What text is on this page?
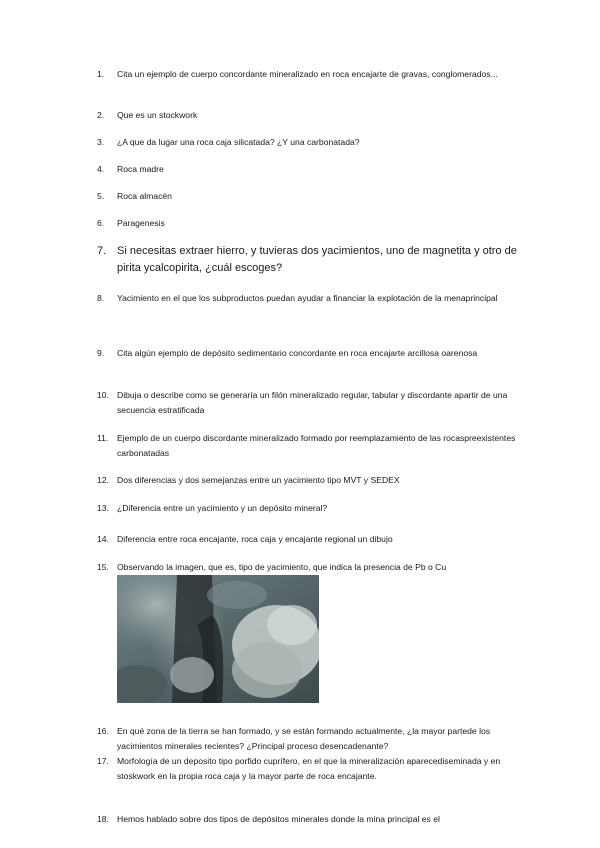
1.	Cita un ejemplo de cuerpo concordante mineralizado en roca encajarte de gravas, conglomerados...
2.	Que es un stockwork
3.	¿A que da lugar una roca caja silicatada? ¿Y una carbonatada?
4.	Roca madre
5.	Roca almacén
6.	Paragenesis
7. Si necesitas extraer hierro, y tuvieras dos yacimientos, uno de magnetita y otro de pirita ycalcopirita, ¿cuál escoges?
8.	Yacimiento en el que los subproductos puedan ayudar a financiar la explotación de la menaprincipal
9.	Cita algún ejemplo de depósito sedimentario concordante en roca encajarte arcillosa oarenosa
10. Dibuja o describe como se generaría un filón mineralizado regular, tabular y discordante apartir de una secuencia estratificada
11.	Ejemplo de un cuerpo discordante mineralizado formado por reemplazamiento de las rocaspreexistentes carbonatadas
12. Dos diferencias y dos semejanzas entre un yacimiento tipo MVT y SEDEX
13. ¿Diferencia entre un yacimiento y un depósito mineral?
14. Diferencia entre roca encajante, roca caja y encajante regional un dibujo
15. Observando la imagen, que es, tipo de yacimiento, que indica la presencia de Pb o Cu
16. En qué zona de la tierra se han formado, y se están formando actualmente, ¿la mayor partede los yacimientos minerales recientes? ¿Principal proceso desencadenante?
17. Morfología de un deposito tipo porfido cuprífero, en el que la mineralización aparecediseminada y en stoskwork en la propia roca caja y la mayor parte de roca encajante.
18. Hemos hablado sobre dos tipos de depósitos minerales donde la mina principal es el
